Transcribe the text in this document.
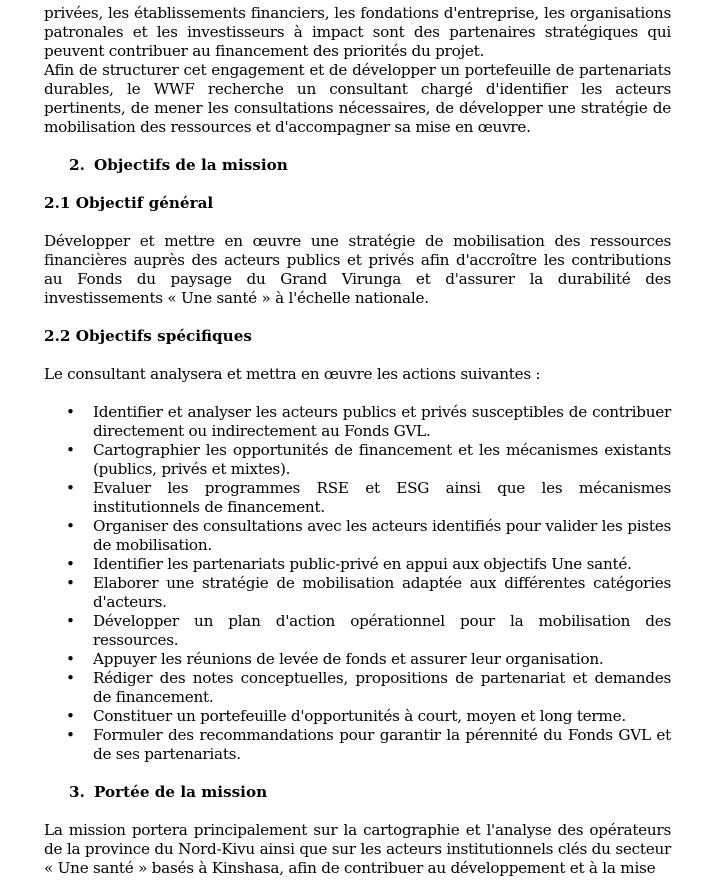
privées, les établissements financiers, les fondations d'entreprise, les organisations patronales et les investisseurs à impact sont des partenaires stratégiques qui peuvent contribuer au financement des priorités du projet.

Afin de structurer cet engagement et de développer un portefeuille de partenariats durables, le WWF recherche un consultant chargé d'identifier les acteurs pertinents, de mener les consultations nécessaires, de développer une stratégie de mobilisation des ressources et d'accompagner sa mise en œuvre.

2. Objectifs de la mission
2.1 Objectif général

Développer et mettre en œuvre une stratégie de mobilisation des ressources financières auprès des acteurs publics et privés afin d'accroître les contributions au Fonds du paysage du Grand Virunga et d'assurer la durabilité des investissements « Une santé » à l'échelle nationale.

2.2 Objectifs spécifiques

Le consultant analysera et mettra en œuvre les actions suivantes :

• Identifier et analyser les acteurs publics et privés susceptibles de contribuer directement ou indirectement au Fonds GVL.
• Cartographier les opportunités de financement et les mécanismes existants (publics, privés et mixtes).
• Evaluer les programmes RSE et ESG ainsi que les mécanismes institutionnels de financement.
• Organiser des consultations avec les acteurs identifiés pour valider les pistes de mobilisation.
• Identifier les partenariats public-privé en appui aux objectifs Une santé.
• Elaborer une stratégie de mobilisation adaptée aux différentes catégories d'acteurs.
• Développer un plan d'action opérationnel pour la mobilisation des ressources.
• Appuyer les réunions de levée de fonds et assurer leur organisation.
• Rédiger des notes conceptuelles, propositions de partenariat et demandes de financement.
• Constituer un portefeuille d'opportunités à court, moyen et long terme.
• Formuler des recommandations pour garantir la pérennité du Fonds GVL et de ses partenariats.
3. Portée de la mission

La mission portera principalement sur la cartographie et l'analyse des opérateurs de la province du Nord-Kivu ainsi que sur les acteurs institutionnels clés du secteur « Une santé » basés à Kinshasa, afin de contribuer au développement et à la mise
